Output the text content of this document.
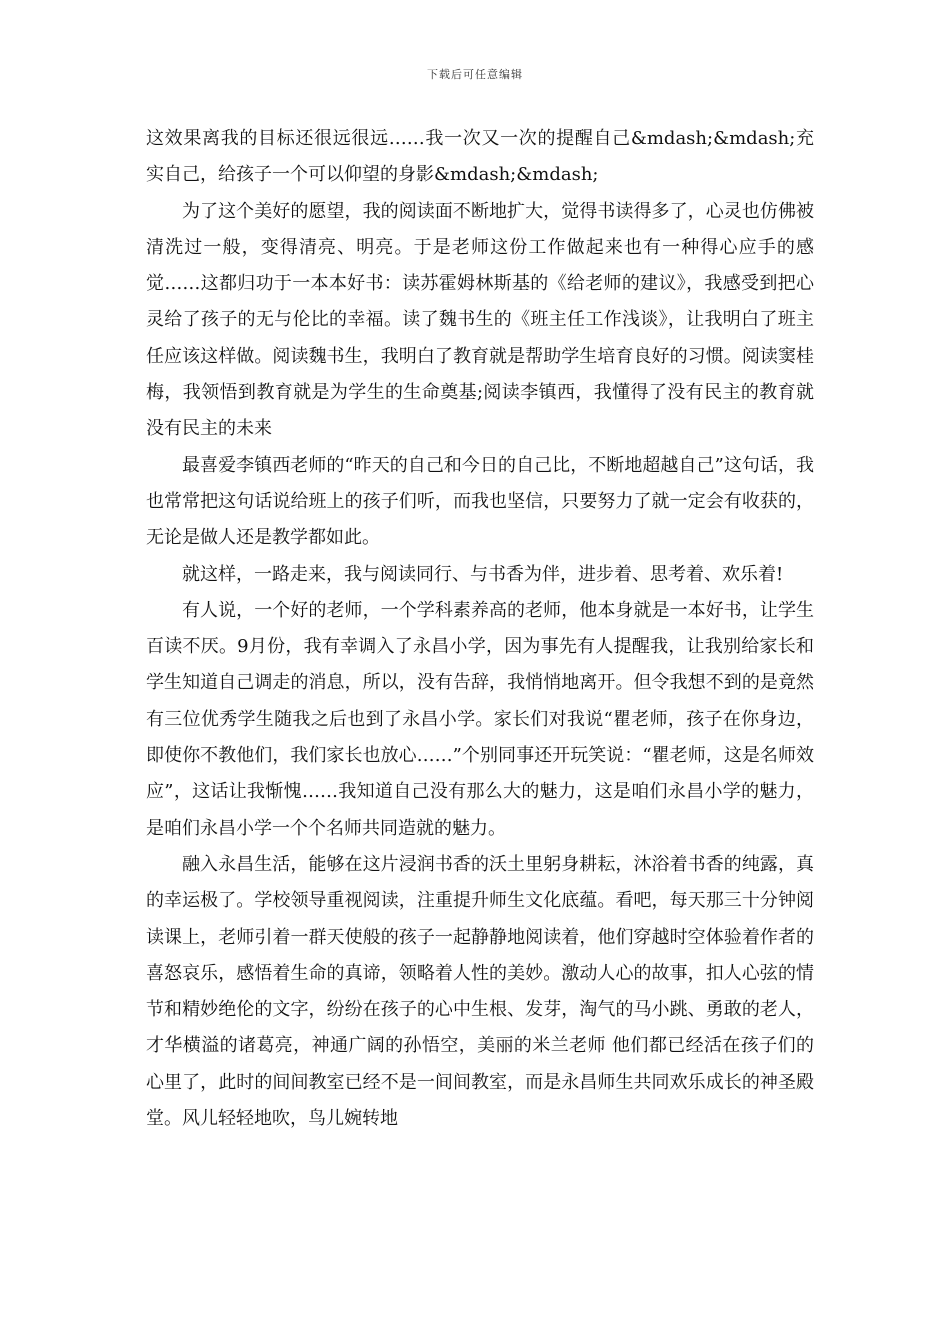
下载后可任意编辑

这效果离我的目标还很远很远……我一次又一次的提醒自己&mdash;&mdash;充实自己，给孩子一个可以仰望的身影&mdash;&mdash;

为了这个美好的愿望，我的阅读面不断地扩大，觉得书读得多了，心灵也仿佛被清洗过一般，变得清亮、明亮。于是老师这份工作做起来也有一种得心应手的感觉……这都归功于一本本好书：读苏霍姆林斯基的《给老师的建议》，我感受到把心灵给了孩子的无与伦比的幸福。读了魏书生的《班主任工作浅谈》，让我明白了班主任应该这样做。阅读魏书生，我明白了教育就是帮助学生培育良好的习惯。阅读窦桂梅，我领悟到教育就是为学生的生命奠基;阅读李镇西，我懂得了没有民主的教育就没有民主的未来

最喜爱李镇西老师的“昨天的自己和今日的自己比，不断地超越自己”这句话，我也常常把这句话说给班上的孩子们听，而我也坚信，只要努力了就一定会有收获的，无论是做人还是教学都如此。

就这样，一路走来，我与阅读同行、与书香为伴，进步着、思考着、欢乐着!

有人说，一个好的老师，一个学科素养高的老师，他本身就是一本好书，让学生百读不厌。9月份，我有幸调入了永昌小学，因为事先有人提醒我，让我别给家长和学生知道自己调走的消息，所以，没有告辞，我悄悄地离开。但令我想不到的是竟然有三位优秀学生随我之后也到了永昌小学。家长们对我说“瞿老师，孩子在你身边，即使你不教他们，我们家长也放心……”个别同事还开玩笑说：“瞿老师，这是名师效应”，这话让我惭愧……我知道自己没有那么大的魅力，这是咱们永昌小学的魅力，是咱们永昌小学一个个名师共同造就的魅力。

融入永昌生活，能够在这片浸润书香的沃土里躬身耕耘，沐浴着书香的纯露，真的幸运极了。学校领导重视阅读，注重提升师生文化底蕴。看吧，每天那三十分钟阅读课上，老师引着一群天使般的孩子一起静静地阅读着，他们穿越时空体验着作者的喜怒哀乐，感悟着生命的真谛，领略着人性的美妙。激动人心的故事，扣人心弦的情节和精妙绝伦的文字，纷纷在孩子的心中生根、发芽，淘气的马小跳、勇敢的老人，才华横溢的诸葛亮，神通广阔的孙悟空，美丽的米兰老师 他们都已经活在孩子们的心里了，此时的间间教室已经不是一间间教室，而是永昌师生共同欢乐成长的神圣殿堂。风儿轻轻地吹，鸟儿婉转地
